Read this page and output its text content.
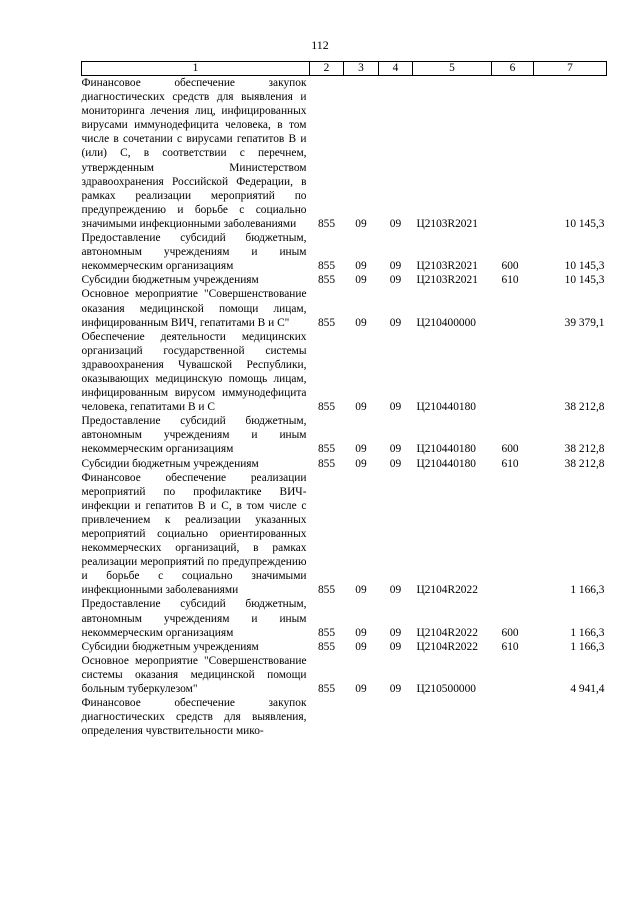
112
1	2	3	4	5	6	7
Финансовое обеспечение закупок диагностических средств для выявления и мониторинга лечения лиц, инфицированных вирусами иммунодефицита человека, в том числе в сочетании с вирусами гепатитов В и (или) С, в соответствии с перечнем, утвержденным Министерством здравоохранения Российской Федерации, в рамках реализации мероприятий по предупреждению и борьбе с социально значимыми инфекционными заболеваниями	855	09	09	Ц2103R2021		10 145,3
Предоставление субсидий бюджетным, автономным учреждениям и иным некоммерческим организациям	855	09	09	Ц2103R2021	600	10 145,3
Субсидии бюджетным учреждениям	855	09	09	Ц2103R2021	610	10 145,3
Основное мероприятие "Совершенствование оказания медицинской помощи лицам, инфицированным ВИЧ, гепатитами В и С"	855	09	09	Ц210400000		39 379,1
Обеспечение деятельности медицинских организаций государственной системы здравоохранения Чувашской Республики, оказывающих медицинскую помощь лицам, инфицированным вирусом иммунодефицита человека, гепатитами В и С	855	09	09	Ц210440180		38 212,8
Предоставление субсидий бюджетным, автономным учреждениям и иным некоммерческим организациям	855	09	09	Ц210440180	600	38 212,8
Субсидии бюджетным учреждениям	855	09	09	Ц210440180	610	38 212,8
Финансовое обеспечение реализации мероприятий по профилактике ВИЧ-инфекции и гепатитов В и С, в том числе с привлечением к реализации указанных мероприятий социально ориентированных некоммерческих организаций, в рамках реализации мероприятий по предупреждению и борьбе с социально значимыми инфекционными заболеваниями	855	09	09	Ц2104R2022		1 166,3
Предоставление субсидий бюджетным, автономным учреждениям и иным некоммерческим организациям	855	09	09	Ц2104R2022	600	1 166,3
Субсидии бюджетным учреждениям	855	09	09	Ц2104R2022	610	1 166,3
Основное мероприятие "Совершенствование системы оказания медицинской помощи больным туберкулезом"	855	09	09	Ц210500000		4 941,4
Финансовое обеспечение закупок диагностических средств для выявления, определения чувствительности мико-						
